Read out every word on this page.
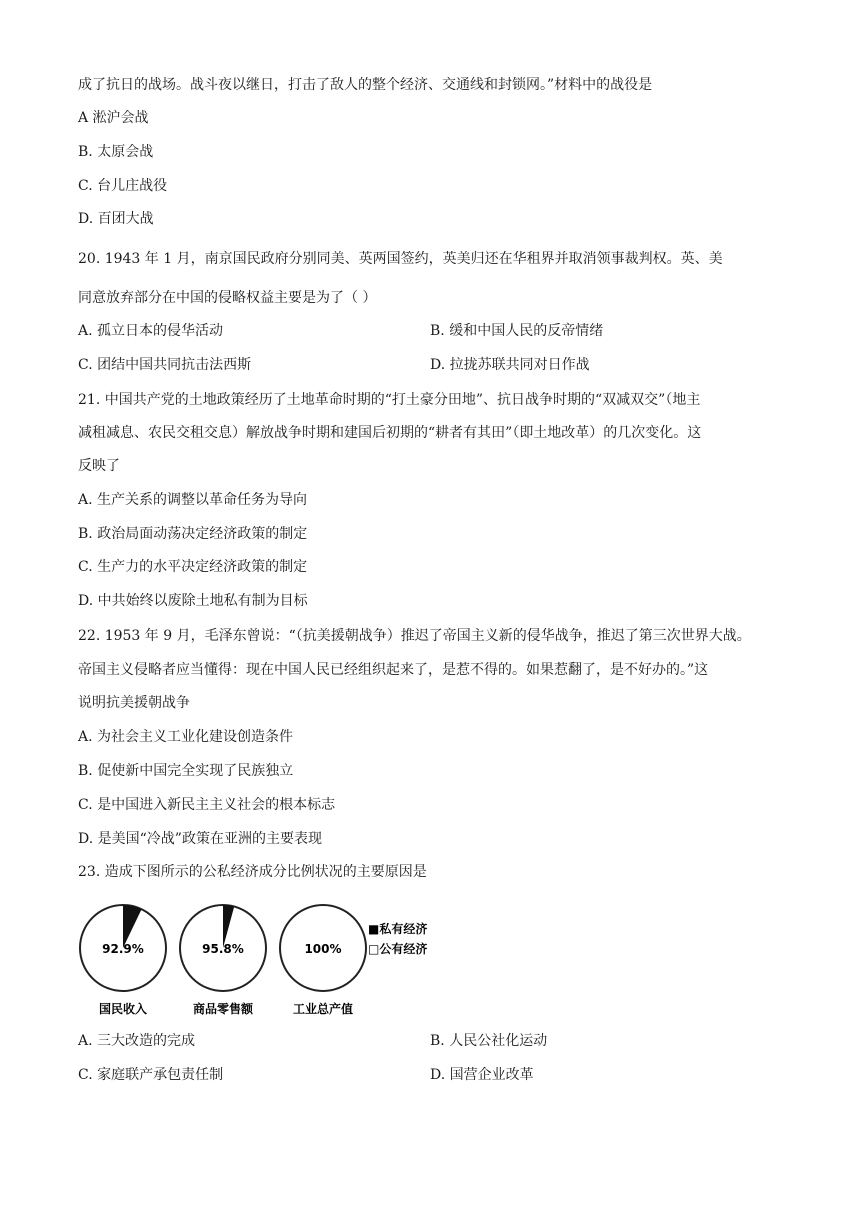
成了抗日的战场。战斗夜以继日，打击了敌人的整个经济、交通线和封锁网。”材料中的战役是
A 淞沪会战
B. 太原会战
C. 台儿庄战役
D. 百团大战
20. 1943 年 1 月，南京国民政府分别同美、英两国签约，英美归还在华租界并取消领事裁判权。英、美
同意放弃部分在中国的侵略权益主要是为了（ ）
A. 孤立日本的侵华活动	B. 缓和中国人民的反帝情绪
C. 团结中国共同抗击法西斯	D. 拉拢苏联共同对日作战
21. 中国共产党的土地政策经历了土地革命时期的“打土豪分田地”、抗日战争时期的“双减双交”（地主
减租减息、农民交租交息）解放战争时期和建国后初期的“耕者有其田”（即土地改革）的几次变化。这
反映了
A. 生产关系的调整以革命任务为导向
B. 政治局面动荡决定经济政策的制定
C. 生产力的水平决定经济政策的制定
D. 中共始终以废除土地私有制为目标
22. 1953 年 9 月，毛泽东曾说：“（抗美援朝战争）推迟了帝国主义新的侵华战争，推迟了第三次世界大战。
帝国主义侵略者应当懂得：现在中国人民已经组织起来了，是惹不得的。如果惹翻了，是不好办的。”这
说明抗美援朝战争
A. 为社会主义工业化建设创造条件
B. 促使新中国完全实现了民族独立
C. 是中国进入新民主主义社会的根本标志
D. 是美国“冷战”政策在亚洲的主要表现
23. 造成下图所示的公私经济成分比例状况的主要原因是
92.9%
国民收入
95.8%
商品零售额
100%
工业总产值
■私有经济
□公有经济
A. 三大改造的完成	B. 人民公社化运动
C. 家庭联产承包责任制	D. 国营企业改革
